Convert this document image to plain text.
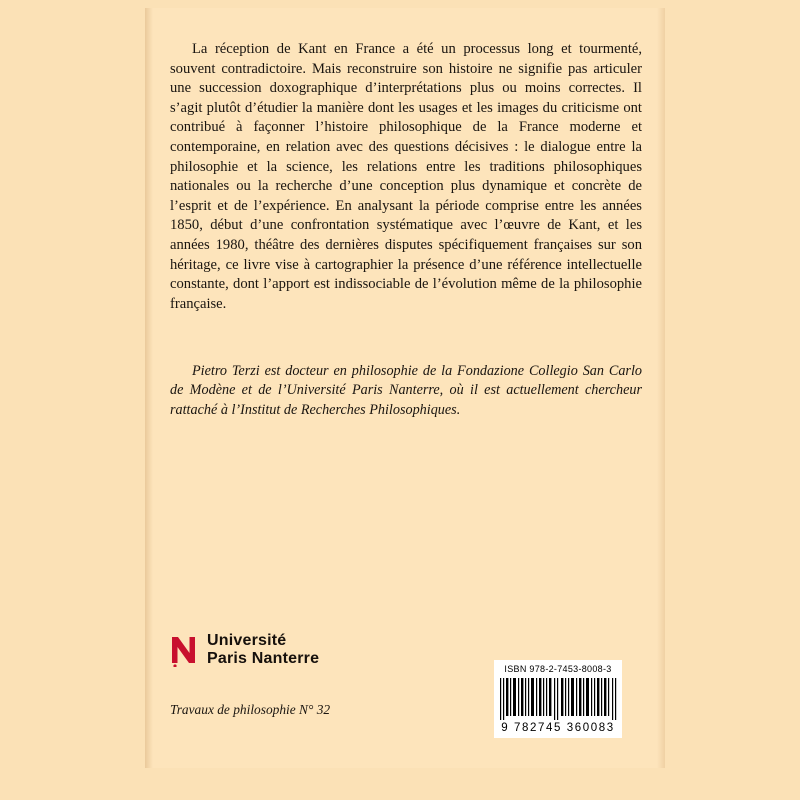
La réception de Kant en France a été un processus long et tourmenté, souvent contradictoire. Mais reconstruire son histoire ne signifie pas articuler une succession doxographique d’interprétations plus ou moins correctes. Il s’agit plutôt d’étudier la manière dont les usages et les images du criticisme ont contribué à façonner l’histoire philosophique de la France moderne et contemporaine, en relation avec des questions décisives : le dialogue entre la philosophie et la science, les relations entre les traditions philosophiques nationales ou la recherche d’une conception plus dynamique et concrète de l’esprit et de l’expérience. En analysant la période comprise entre les années 1850, début d’une confrontation systématique avec l’œuvre de Kant, et les années 1980, théâtre des dernières disputes spécifiquement françaises sur son héritage, ce livre vise à cartographier la présence d’une référence intellectuelle constante, dont l’apport est indissociable de l’évolution même de la philosophie française.
Pietro Terzi est docteur en philosophie de la Fondazione Collegio San Carlo de Modène et de l’Université Paris Nanterre, où il est actuellement chercheur rattaché à l’Institut de Recherches Philosophiques.
Université
Paris Nanterre
Travaux de philosophie N° 32
ISBN 978-2-7453-8008-3
9 782745 360083
